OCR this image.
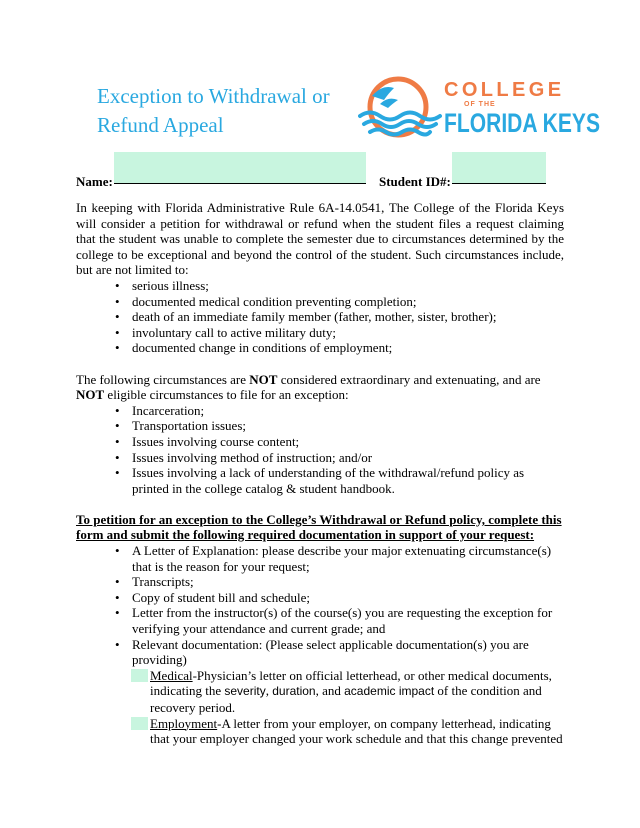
Exception to Withdrawal or
Refund Appeal
COLLEGE
OF THE
FLORIDA KEYS
Name:	Student ID#:

In keeping with Florida Administrative Rule 6A-14.0541, The College of the Florida Keys will consider a petition for withdrawal or refund when the student files a request claiming that the student was unable to complete the semester due to circumstances determined by the college to be exceptional and beyond the control of the student. Such circumstances include, but are not limited to:

• serious illness;
• documented medical condition preventing completion;
• death of an immediate family member (father, mother, sister, brother);
• involuntary call to active military duty;
• documented change in conditions of employment;

The following circumstances are NOT considered extraordinary and extenuating, and are NOT eligible circumstances to file for an exception:

• Incarceration;
• Transportation issues;
• Issues involving course content;
• Issues involving method of instruction; and/or
• Issues involving a lack of understanding of the withdrawal/refund policy as printed in the college catalog & student handbook.

To petition for an exception to the College’s Withdrawal or Refund policy, complete this form and submit the following required documentation in support of your request:

• A Letter of Explanation: please describe your major extenuating circumstance(s) that is the reason for your request;
• Transcripts;
• Copy of student bill and schedule;
• Letter from the instructor(s) of the course(s) you are requesting the exception for verifying your attendance and current grade; and
• Relevant documentation: (Please select applicable documentation(s) you are providing)
Medical-Physician’s letter on official letterhead, or other medical documents, indicating the severity, duration, and academic impact of the condition and recovery period.
Employment-A letter from your employer, on company letterhead, indicating that your employer changed your work schedule and that this change prevented
